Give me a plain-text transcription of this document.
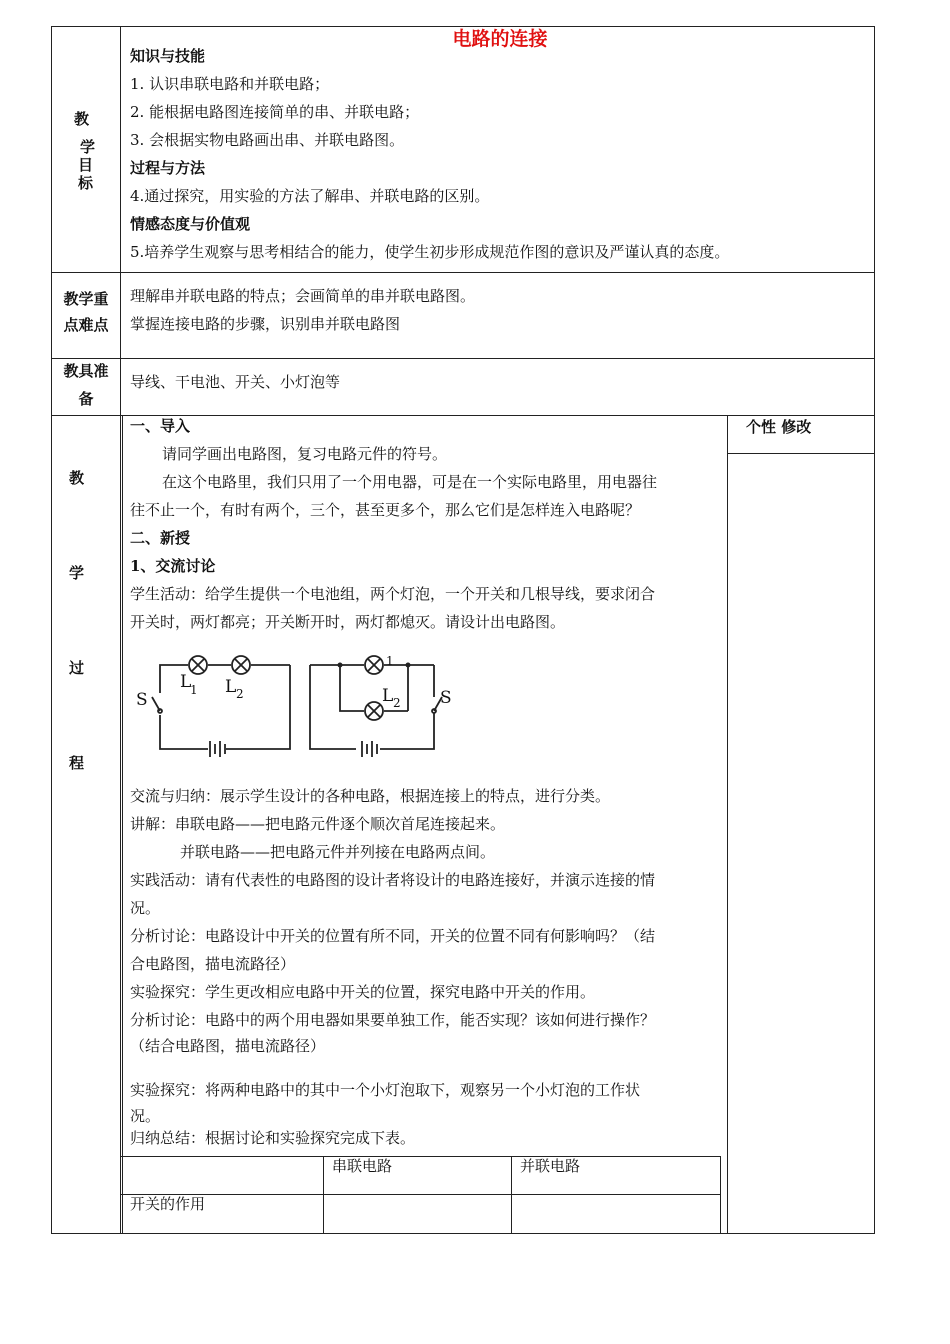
电路的连接
教
学
目
标
知识与技能
1. 认识串联电路和并联电路；
2. 能根据电路图连接简单的串、并联电路；
3. 会根据实物电路画出串、并联电路图。
过程与方法
4.通过探究，用实验的方法了解串、并联电路的区别。
情感态度与价值观
5.培养学生观察与思考相结合的能力，使学生初步形成规范作图的意识及严谨认真的态度。
教学重
点难点
理解串并联电路的特点；会画简单的串并联电路图。
掌握连接电路的步骤，识别串并联电路图
教具准
备
导线、干电池、开关、小灯泡等
教
学
过
程
个性 修改
一、导入
请同学画出电路图，复习电路元件的符号。
在这个电路里，我们只用了一个用电器，可是在一个实际电路里，用电器往
往不止一个，有时有两个，三个，甚至更多个，那么它们是怎样连入电路呢？
二、新授
1、交流讨论
学生活动：给学生提供一个电池组，两个灯泡，一个开关和几根导线，要求闭合
开关时，两灯都亮；开关断开时，两灯都熄灭。请设计出电路图。
S
L
1 L 2
1
L 2 S
交流与归纳：展示学生设计的各种电路，根据连接上的特点，进行分类。
讲解：串联电路——把电路元件逐个顺次首尾连接起来。
并联电路——把电路元件并列接在电路两点间。
实践活动：请有代表性的电路图的设计者将设计的电路连接好，并演示连接的情
况。
分析讨论：电路设计中开关的位置有所不同，开关的位置不同有何影响吗？（结
合电路图，描电流路径）
实验探究：学生更改相应电路中开关的位置，探究电路中开关的作用。
分析讨论：电路中的两个用电器如果要单独工作，能否实现？该如何进行操作？
（结合电路图，描电流路径）
实验探究：将两种电路中的其中一个小灯泡取下，观察另一个小灯泡的工作状
况。
归纳总结：根据讨论和实验探究完成下表。
串联电路	并联电路
开关的作用
